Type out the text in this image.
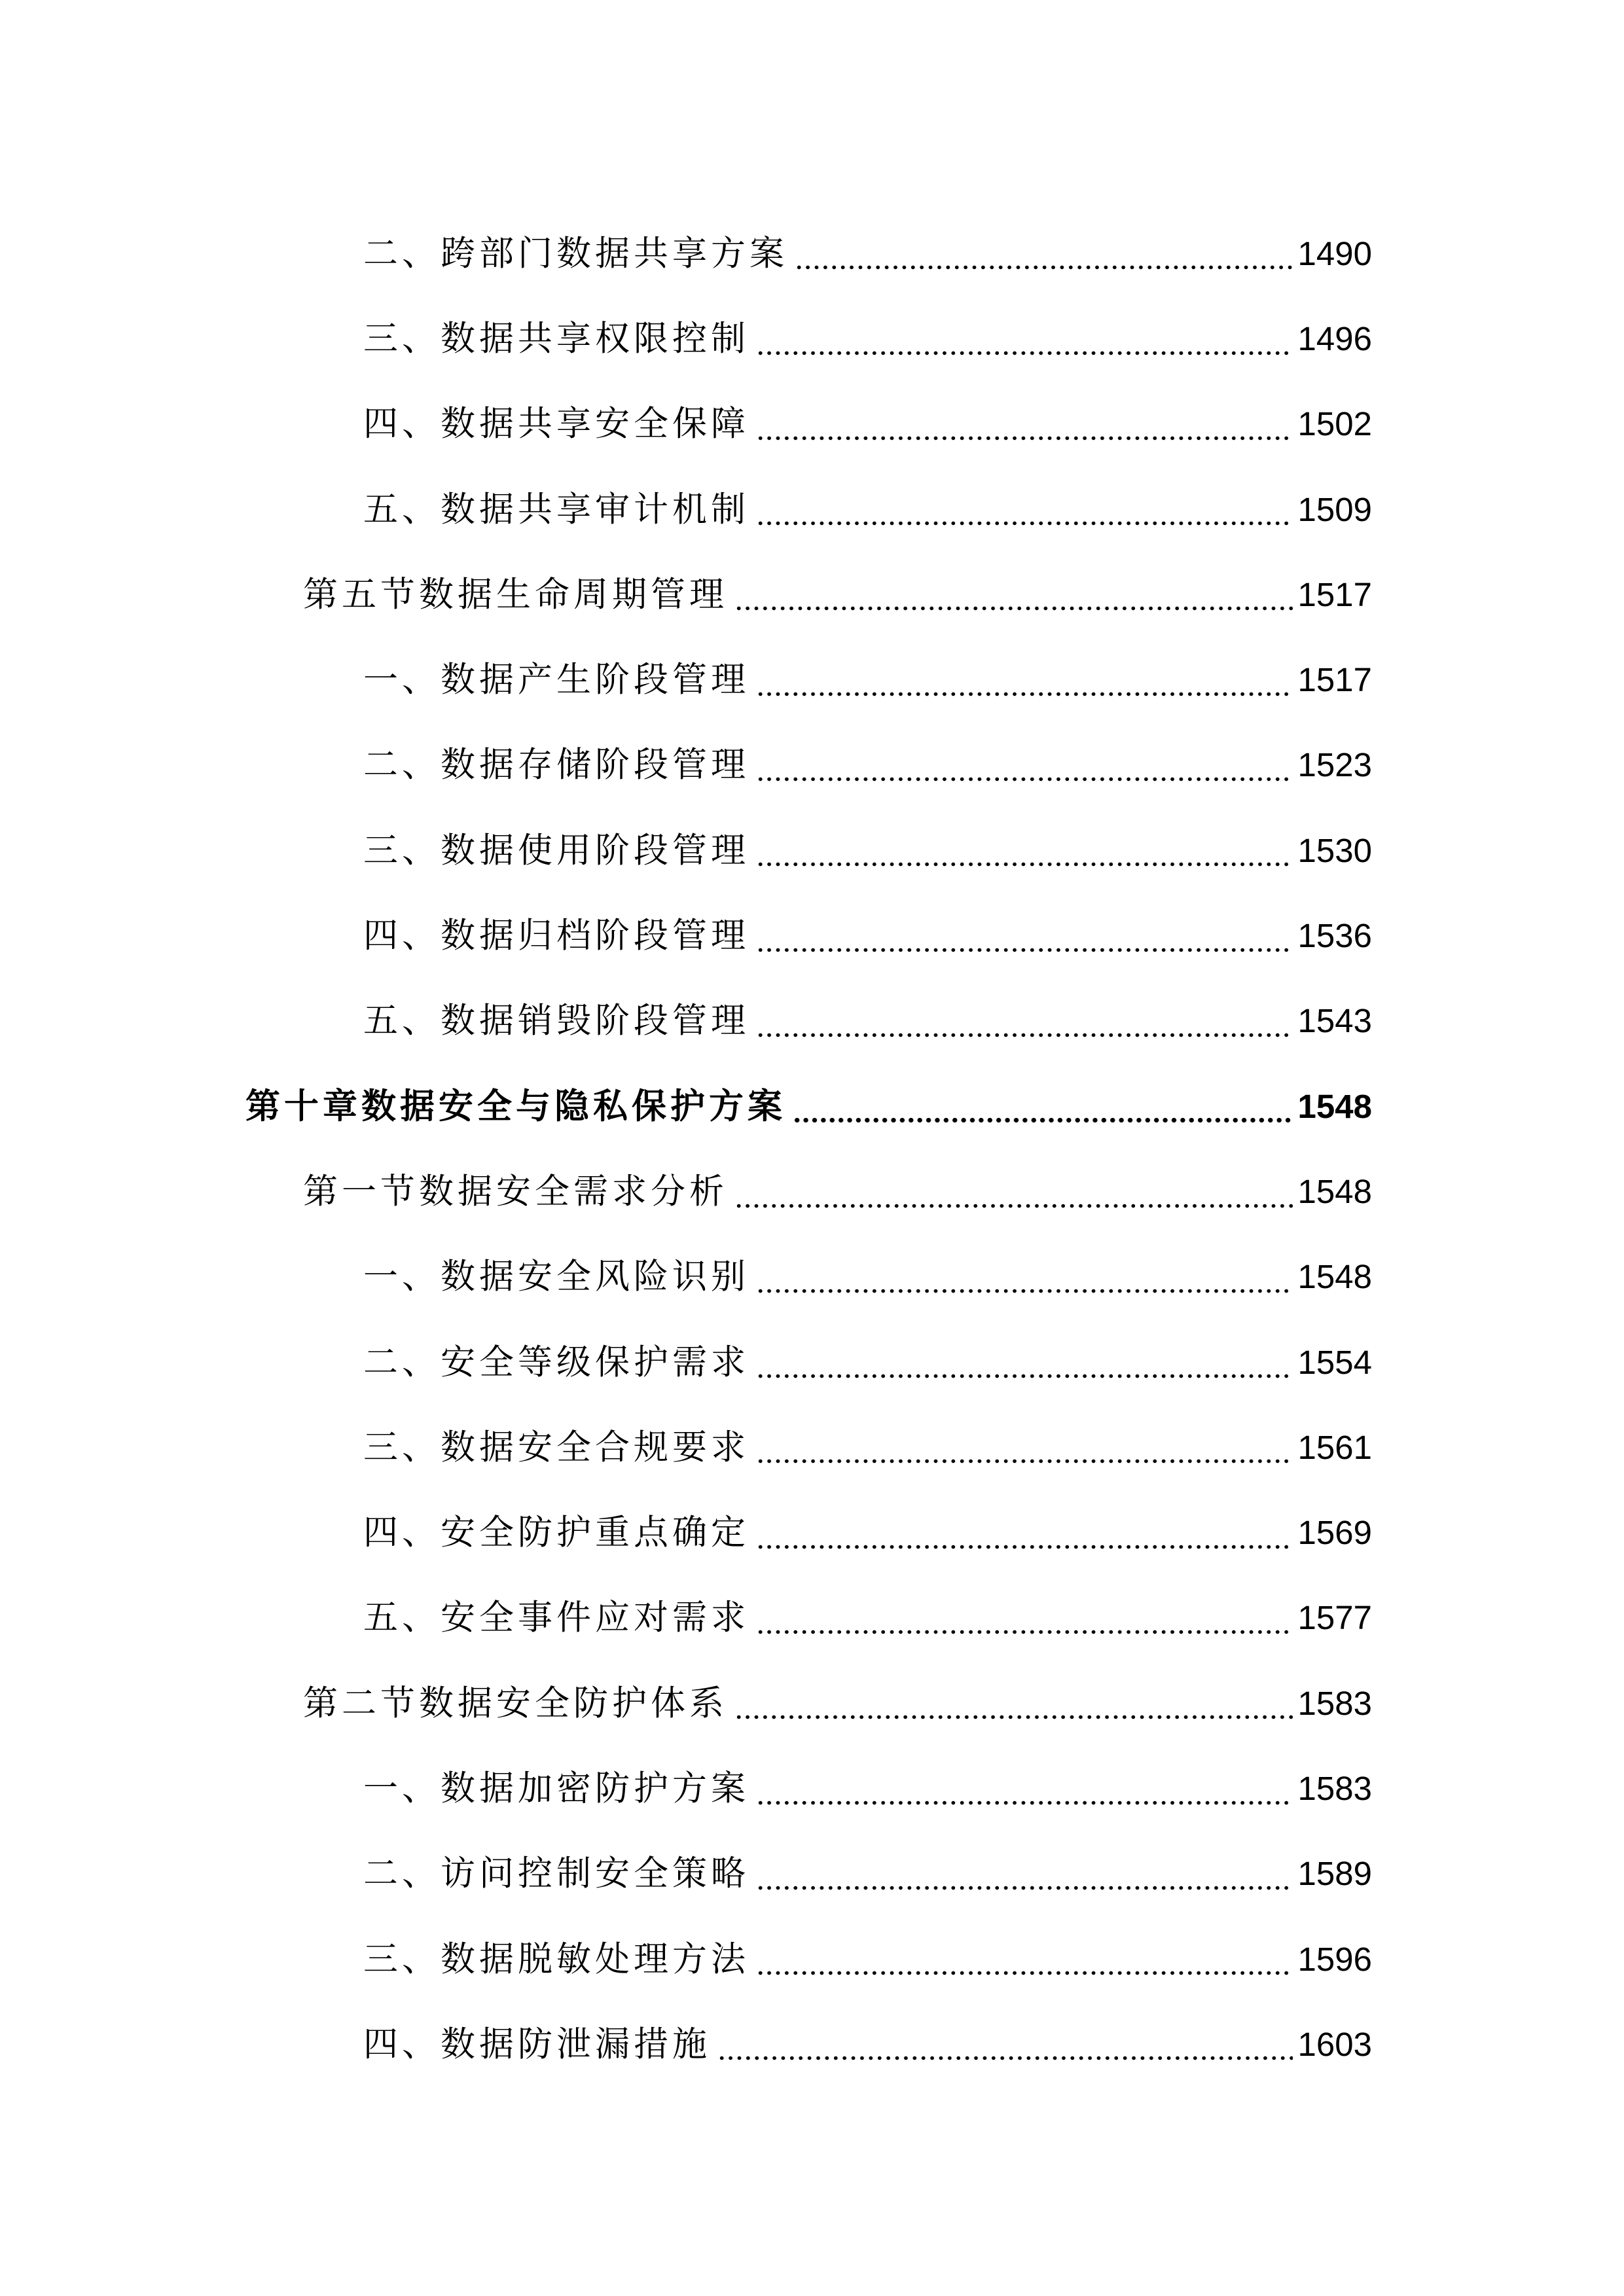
二、跨部门数据共享方案	1490
三、数据共享权限控制	1496
四、数据共享安全保障	1502
五、数据共享审计机制	1509
第五节数据生命周期管理	1517
一、数据产生阶段管理	1517
二、数据存储阶段管理	1523
三、数据使用阶段管理	1530
四、数据归档阶段管理	1536
五、数据销毁阶段管理	1543
第十章数据安全与隐私保护方案	1548
第一节数据安全需求分析	1548
一、数据安全风险识别	1548
二、安全等级保护需求	1554
三、数据安全合规要求	1561
四、安全防护重点确定	1569
五、安全事件应对需求	1577
第二节数据安全防护体系	1583
一、数据加密防护方案	1583
二、访问控制安全策略	1589
三、数据脱敏处理方法	1596
四、数据防泄漏措施	1603
